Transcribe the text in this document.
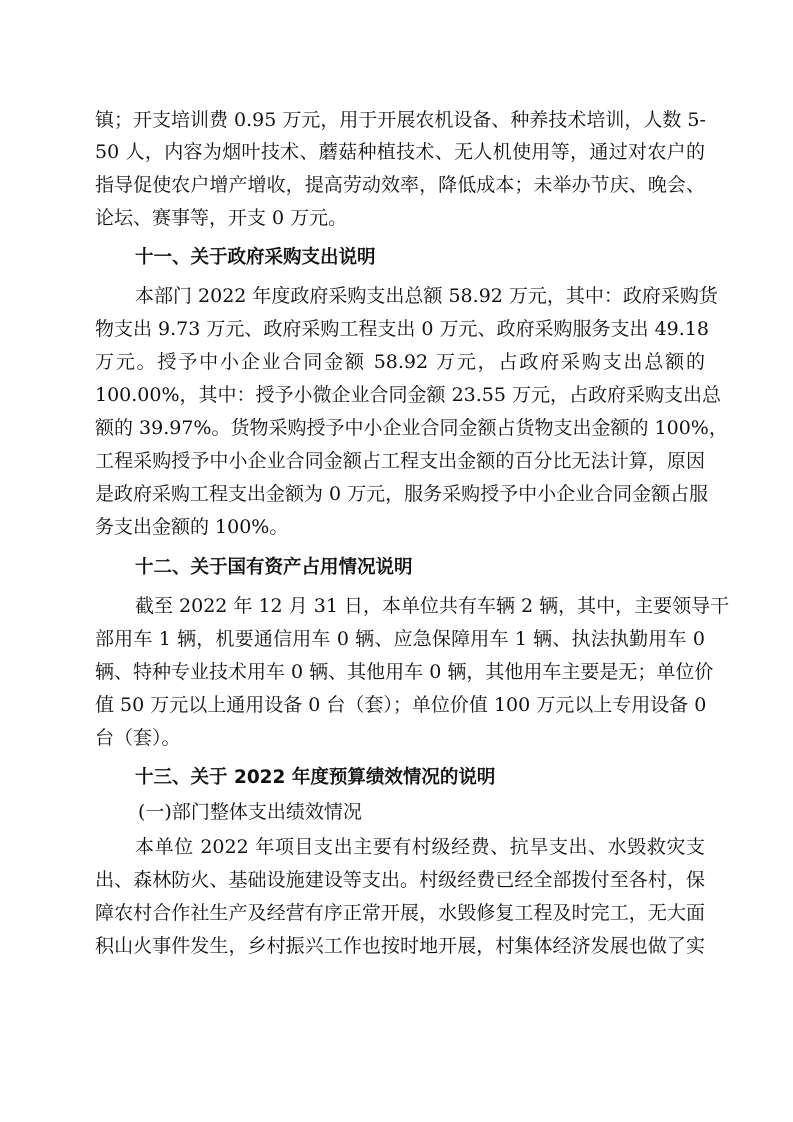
镇；开支培训费 0.95 万元，用于开展农机设备、种养技术培训，人数 5-
50 人，内容为烟叶技术、蘑菇种植技术、无人机使用等，通过对农户的
指导促使农户增产增收，提高劳动效率，降低成本；未举办节庆、晚会、
论坛、赛事等，开支 0 万元。
十一、关于政府采购支出说明
本部门 2022 年度政府采购支出总额 58.92 万元，其中：政府采购货
物支出 9.73 万元、政府采购工程支出 0 万元、政府采购服务支出 49.18
万元。授予中小企业合同金额 58.92 万元，占政府采购支出总额的
100.00%，其中：授予小微企业合同金额 23.55 万元，占政府采购支出总
额的 39.97%。货物采购授予中小企业合同金额占货物支出金额的 100%，
工程采购授予中小企业合同金额占工程支出金额的百分比无法计算，原因
是政府采购工程支出金额为 0 万元，服务采购授予中小企业合同金额占服
务支出金额的 100%。
十二、关于国有资产占用情况说明
截至 2022 年 12 月 31 日，本单位共有车辆 2 辆，其中，主要领导干
部用车 1 辆，机要通信用车 0 辆、应急保障用车 1 辆、执法执勤用车 0
辆、特种专业技术用车 0 辆、其他用车 0 辆，其他用车主要是无；单位价
值 50 万元以上通用设备 0 台（套）；单位价值 100 万元以上专用设备 0
台（套）。
十三、关于 2022 年度预算绩效情况的说明
(一)部门整体支出绩效情况
本单位 2022 年项目支出主要有村级经费、抗旱支出、水毁救灾支
出、森林防火、基础设施建设等支出。村级经费已经全部拨付至各村，保
障农村合作社生产及经营有序正常开展，水毁修复工程及时完工，无大面
积山火事件发生，乡村振兴工作也按时地开展，村集体经济发展也做了实
